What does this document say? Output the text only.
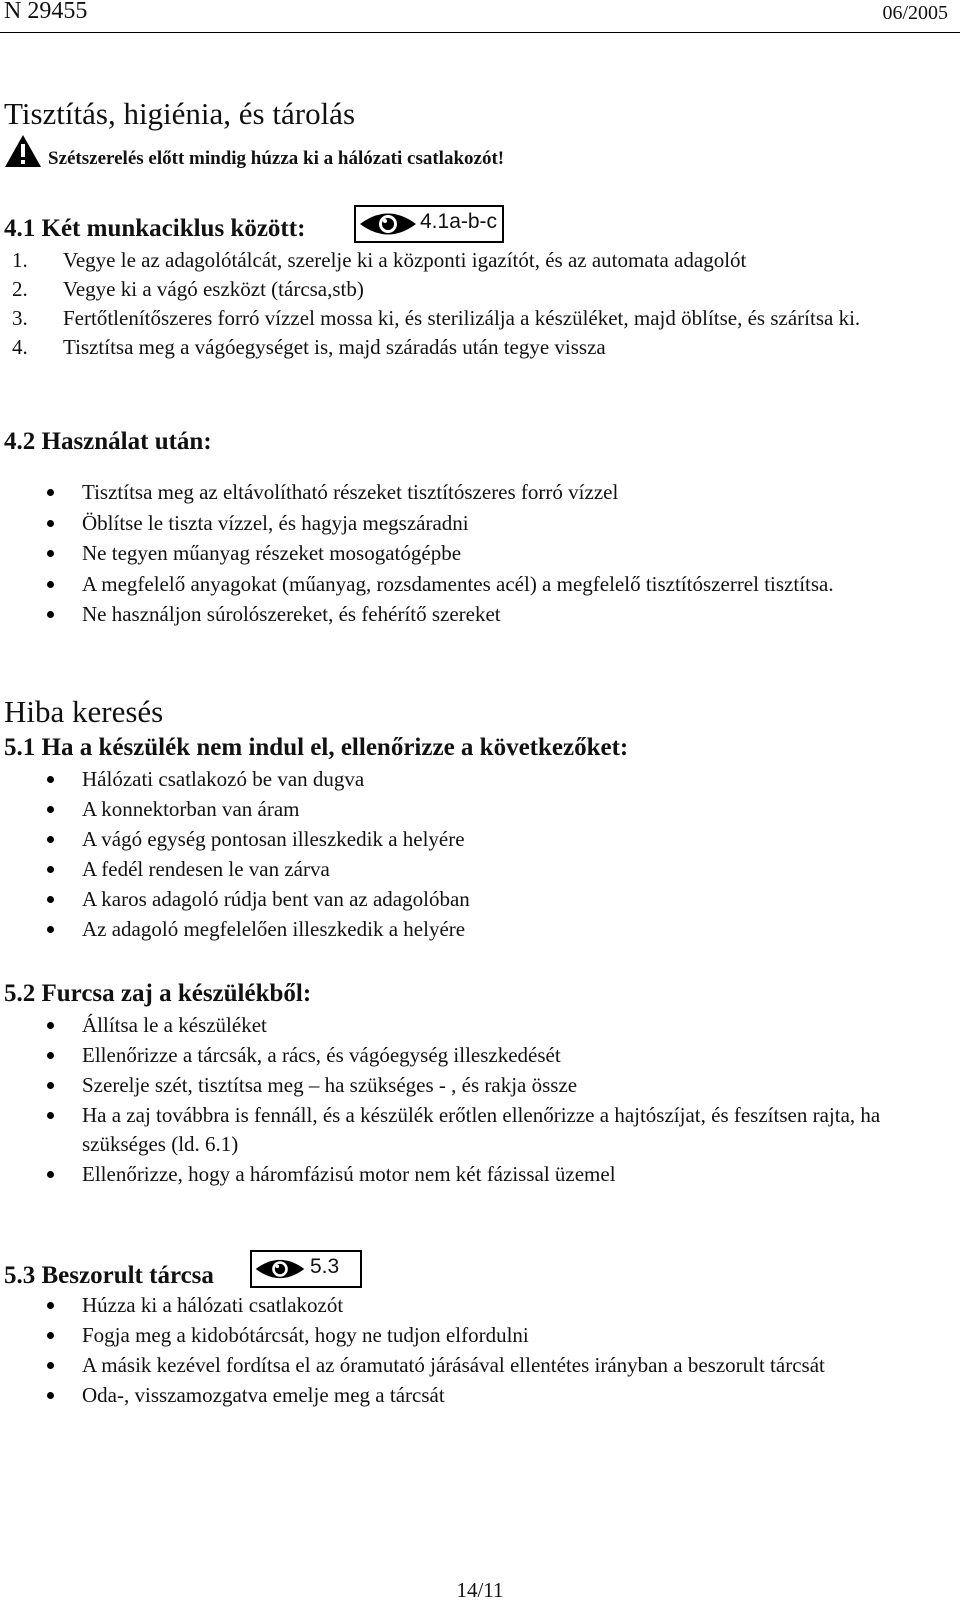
N 29455	06/2005
Tisztítás, higiénia, és tárolás
Szétszerelés előtt mindig húzza ki a hálózati csatlakozót!
4.1 Két munkaciklus között:	4.1a-b-c
1. Vegye le az adagolótálcát, szerelje ki a központi igazítót, és az automata adagolót
2. Vegye ki a vágó eszközt (tárcsa,stb)
3. Fertőtlenítőszeres forró vízzel mossa ki, és sterilizálja a készüléket, majd öblítse, és szárítsa ki.
4. Tisztítsa meg a vágóegységet is, majd száradás után tegye vissza
4.2 Használat után:
Tisztítsa meg az eltávolítható részeket tisztítószeres forró vízzel
Öblítse le tiszta vízzel, és hagyja megszáradni
Ne tegyen műanyag részeket mosogatógépbe
A megfelelő anyagokat (műanyag, rozsdamentes acél) a megfelelő tisztítószerrel tisztítsa.
Ne használjon súrolószereket, és fehérítő szereket
Hiba keresés
5.1 Ha a készülék nem indul el, ellenőrizze a következőket:
Hálózati csatlakozó be van dugva
A konnektorban van áram
A vágó egység pontosan illeszkedik a helyére
A fedél rendesen le van zárva
A karos adagoló rúdja bent van az adagolóban
Az adagoló megfelelően illeszkedik a helyére
5.2 Furcsa zaj a készülékből:
Állítsa le a készüléket
Ellenőrizze a tárcsák, a rács, és vágóegység illeszkedését
Szerelje szét, tisztítsa meg – ha szükséges - , és rakja össze
Ha a zaj továbbra is fennáll, és a készülék erőtlen ellenőrizze a hajtószíjat, és feszítsen rajta, ha szükséges (ld. 6.1)
Ellenőrizze, hogy a háromfázisú motor nem két fázissal üzemel
5.3 Beszorult tárcsa	5.3
Húzza ki a hálózati csatlakozót
Fogja meg a kidobótárcsát, hogy ne tudjon elfordulni
A másik kezével fordítsa el az óramutató járásával ellentétes irányban a beszorult tárcsát
Oda-, visszamozgatva emelje meg a tárcsát
14/11
